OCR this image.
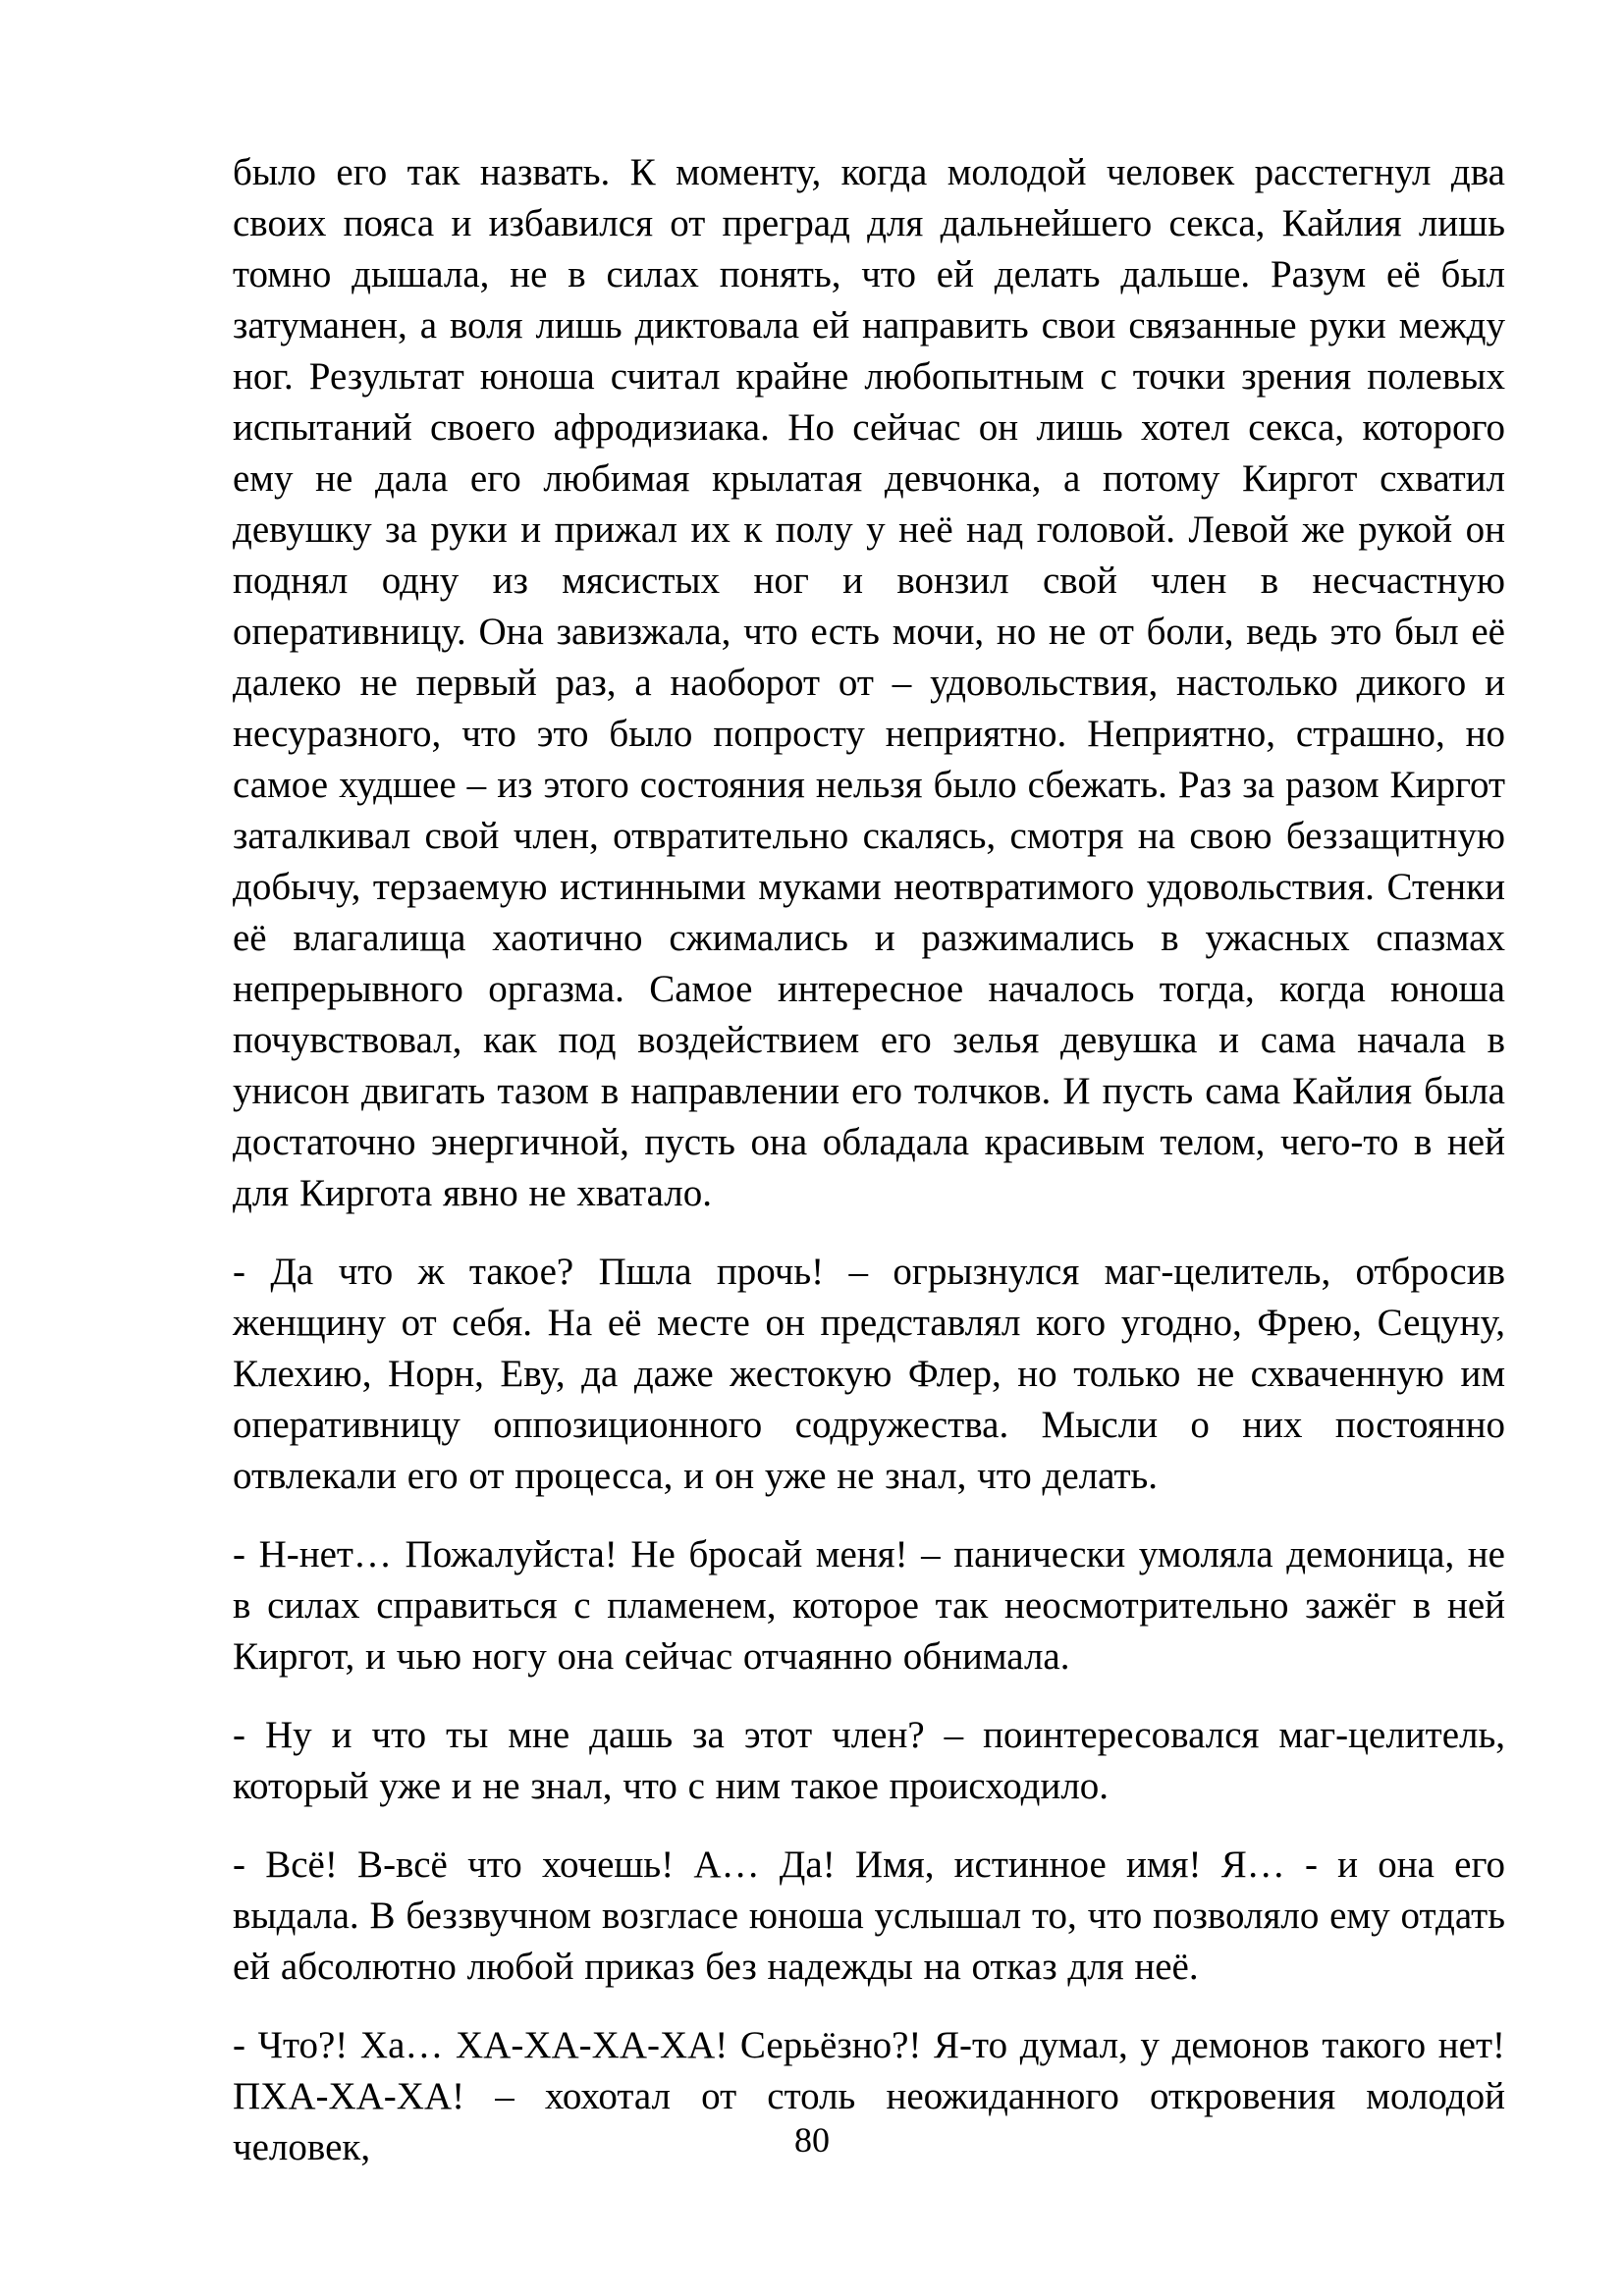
было его так назвать. К моменту, когда молодой человек расстегнул два своих пояса и избавился от преград для дальнейшего секса, Кайлия лишь томно дышала, не в силах понять, что ей делать дальше. Разум её был затуманен, а воля лишь диктовала ей направить свои связанные руки между ног. Результат юноша считал крайне любопытным с точки зрения полевых испытаний своего афродизиака. Но сейчас он лишь хотел секса, которого ему не дала его любимая крылатая девчонка, а потому Киргот схватил девушку за руки и прижал их к полу у неё над головой. Левой же рукой он поднял одну из мясистых ног и вонзил свой член в несчастную оперативницу. Она завизжала, что есть мочи, но не от боли, ведь это был её далеко не первый раз, а наоборот от – удовольствия, настолько дикого и несуразного, что это было попросту неприятно. Неприятно, страшно, но самое худшее – из этого состояния нельзя было сбежать. Раз за разом Киргот заталкивал свой член, отвратительно скалясь, смотря на свою беззащитную добычу, терзаемую истинными муками неотвратимого удовольствия. Стенки её влагалища хаотично сжимались и разжимались в ужасных спазмах непрерывного оргазма. Самое интересное началось тогда, когда юноша почувствовал, как под воздействием его зелья девушка и сама начала в унисон двигать тазом в направлении его толчков. И пусть сама Кайлия была достаточно энергичной, пусть она обладала красивым телом, чего-то в ней для Киргота явно не хватало.

- Да что ж такое? Пшла прочь! – огрызнулся маг-целитель, отбросив женщину от себя. На её месте он представлял кого угодно, Фрею, Сецуну, Клехию, Норн, Еву, да даже жестокую Флер, но только не схваченную им оперативницу оппозиционного содружества. Мысли о них постоянно отвлекали его от процесса, и он уже не знал, что делать.

- Н-нет… Пожалуйста! Не бросай меня! – панически умоляла демоница, не в силах справиться с пламенем, которое так неосмотрительно зажёг в ней Киргот, и чью ногу она сейчас отчаянно обнимала.

- Ну и что ты мне дашь за этот член? – поинтересовался маг-целитель, который уже и не знал, что с ним такое происходило.

- Всё! В-всё что хочешь! А… Да! Имя, истинное имя! Я… - и она его выдала. В беззвучном возгласе юноша услышал то, что позволяло ему отдать ей абсолютно любой приказ без надежды на отказ для неё.

- Что?! Ха… ХА-ХА-ХА-ХА! Серьёзно?! Я-то думал, у демонов такого нет! ПХА-ХА-ХА! – хохотал от столь неожиданного откровения молодой человек,	80
